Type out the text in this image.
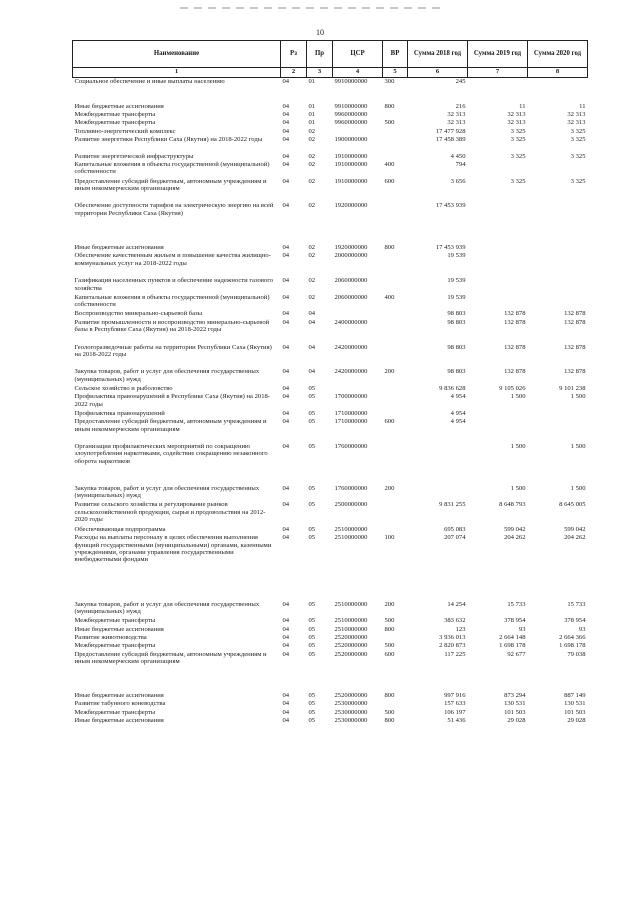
10
Наименование	Рз	Пр	ЦСР	ВР	Сумма 2018 год	Сумма 2019 год	Сумма 2020 год
1	2	3	4	5	6	7	8
Социальное обеспечение и иные выплаты населению	04	01	9910000000	300	245		

Иные бюджетные ассигнования	04	01	9910000000	800	216	11	11
Межбюджетные трансферты	04	01	9960000000		32 313	32 313	32 313
Межбюджетные трансферты	04	01	9960000000	500	32 313	32 313	32 313
Топливно-энергетический комплекс	04	02			17 477 928	3 325	3 325
Развитие энергетики Республики Саха (Якутия) на 2018-2022 годы	04	02	1900000000		17 458 389	3 325	3 325
Развитие энергетической инфраструктуры	04	02	1910000000		4 450	3 325	3 325
Капитальные вложения в объекты государственной (муниципальной) собственности	04	02	1910000000	400	794		
Предоставление субсидий бюджетным, автономным учреждениям и иным некоммерческим организациям	04	02	1910000000	600	3 656	3 325	3 325
Обеспечение доступности тарифов на электрическую энергию на всей территории Республики Саха (Якутия)	04	02	1920000000		17 453 939		
Иные бюджетные ассигнования	04	02	1920000000	800	17 453 939		
Обеспечение качественным жильем и повышение качества жилищно-коммунальных услуг на 2018-2022 годы	04	02	2000000000		19 539		
Газификация населенных пунктов и обеспечение надежности газового хозяйства	04	02	2060000000		19 539		
Капитальные вложения в объекты государственной (муниципальной) собственности	04	02	2060000000	400	19 539		
Воспроизводство минерально-сырьевой базы	04	04			98 803	132 878	132 878
Развитие промышленности и воспроизводство минерально-сырьевой базы в Республике Саха (Якутия) на 2018-2022 годы	04	04	2400000000		98 803	132 878	132 878
Геологоразведочные работы на территории Республики Саха (Якутия) на 2018-2022 годы	04	04	2420000000		98 803	132 878	132 878
Закупка товаров, работ и услуг для обеспечения государственных (муниципальных) нужд	04	04	2420000000	200	98 803	132 878	132 878
Сельское хозяйство и рыболовство	04	05			9 836 628	9 105 026	9 101 238
Профилактика правонарушений в Республике Саха (Якутия) на 2018-2022 годы	04	05	1700000000		4 954	1 500	1 500
Профилактика правонарушений	04	05	1710000000		4 954		
Предоставление субсидий бюджетным, автономным учреждениям и иным некоммерческим организациям	04	05	1710000000	600	4 954		
Организация профилактических мероприятий по сокращению злоупотребления наркотиками, содействие сокращению незаконного оборота наркотиков	04	05	1760000000			1 500	1 500
Закупка товаров, работ и услуг для обеспечения государственных (муниципальных) нужд	04	05	1760000000	200		1 500	1 500
Развитие сельского хозяйства и регулирование рынков сельскохозяйственной продукции, сырья и продовольствия на 2012-2020 годы	04	05	2500000000		9 831 255	8 648 793	8 645 005
Обеспечивающая подпрограмма	04	05	2510000000		695 083	599 042	599 042
Расходы на выплаты персоналу в целях обеспечения выполнения функций государственными (муниципальными) органами, казенными учреждениями, органами управления государственными внебюджетными фондами	04	05	2510000000	100	207 074	204 262	204 262
Закупка товаров, работ и услуг для обеспечения государственных (муниципальных) нужд	04	05	2510000000	200	14 254	15 733	15 733
Межбюджетные трансферты	04	05	2510000000	500	383 632	378 954	378 954
Иные бюджетные ассигнования	04	05	2510000000	800	123	93	93
Развитие животноводства	04	05	2520000000		3 936 013	2 664 148	2 664 366
Межбюджетные трансферты	04	05	2520000000	500	2 820 873	1 698 178	1 698 178
Предоставление субсидий бюджетным, автономным учреждениям и иным некоммерческим организациям	04	05	2520000000	600	117 225	92 677	79 038

Иные бюджетные ассигнования	04	05	2520000000	800	997 916	873 294	887 149
Развитие табунного коневодства	04	05	2530000000		157 633	130 531	130 531
Межбюджетные трансферты	04	05	2530000000	500	106 197	101 503	101 503
Иные бюджетные ассигнования	04	05	2530000000	800	51 436	29 028	29 028
